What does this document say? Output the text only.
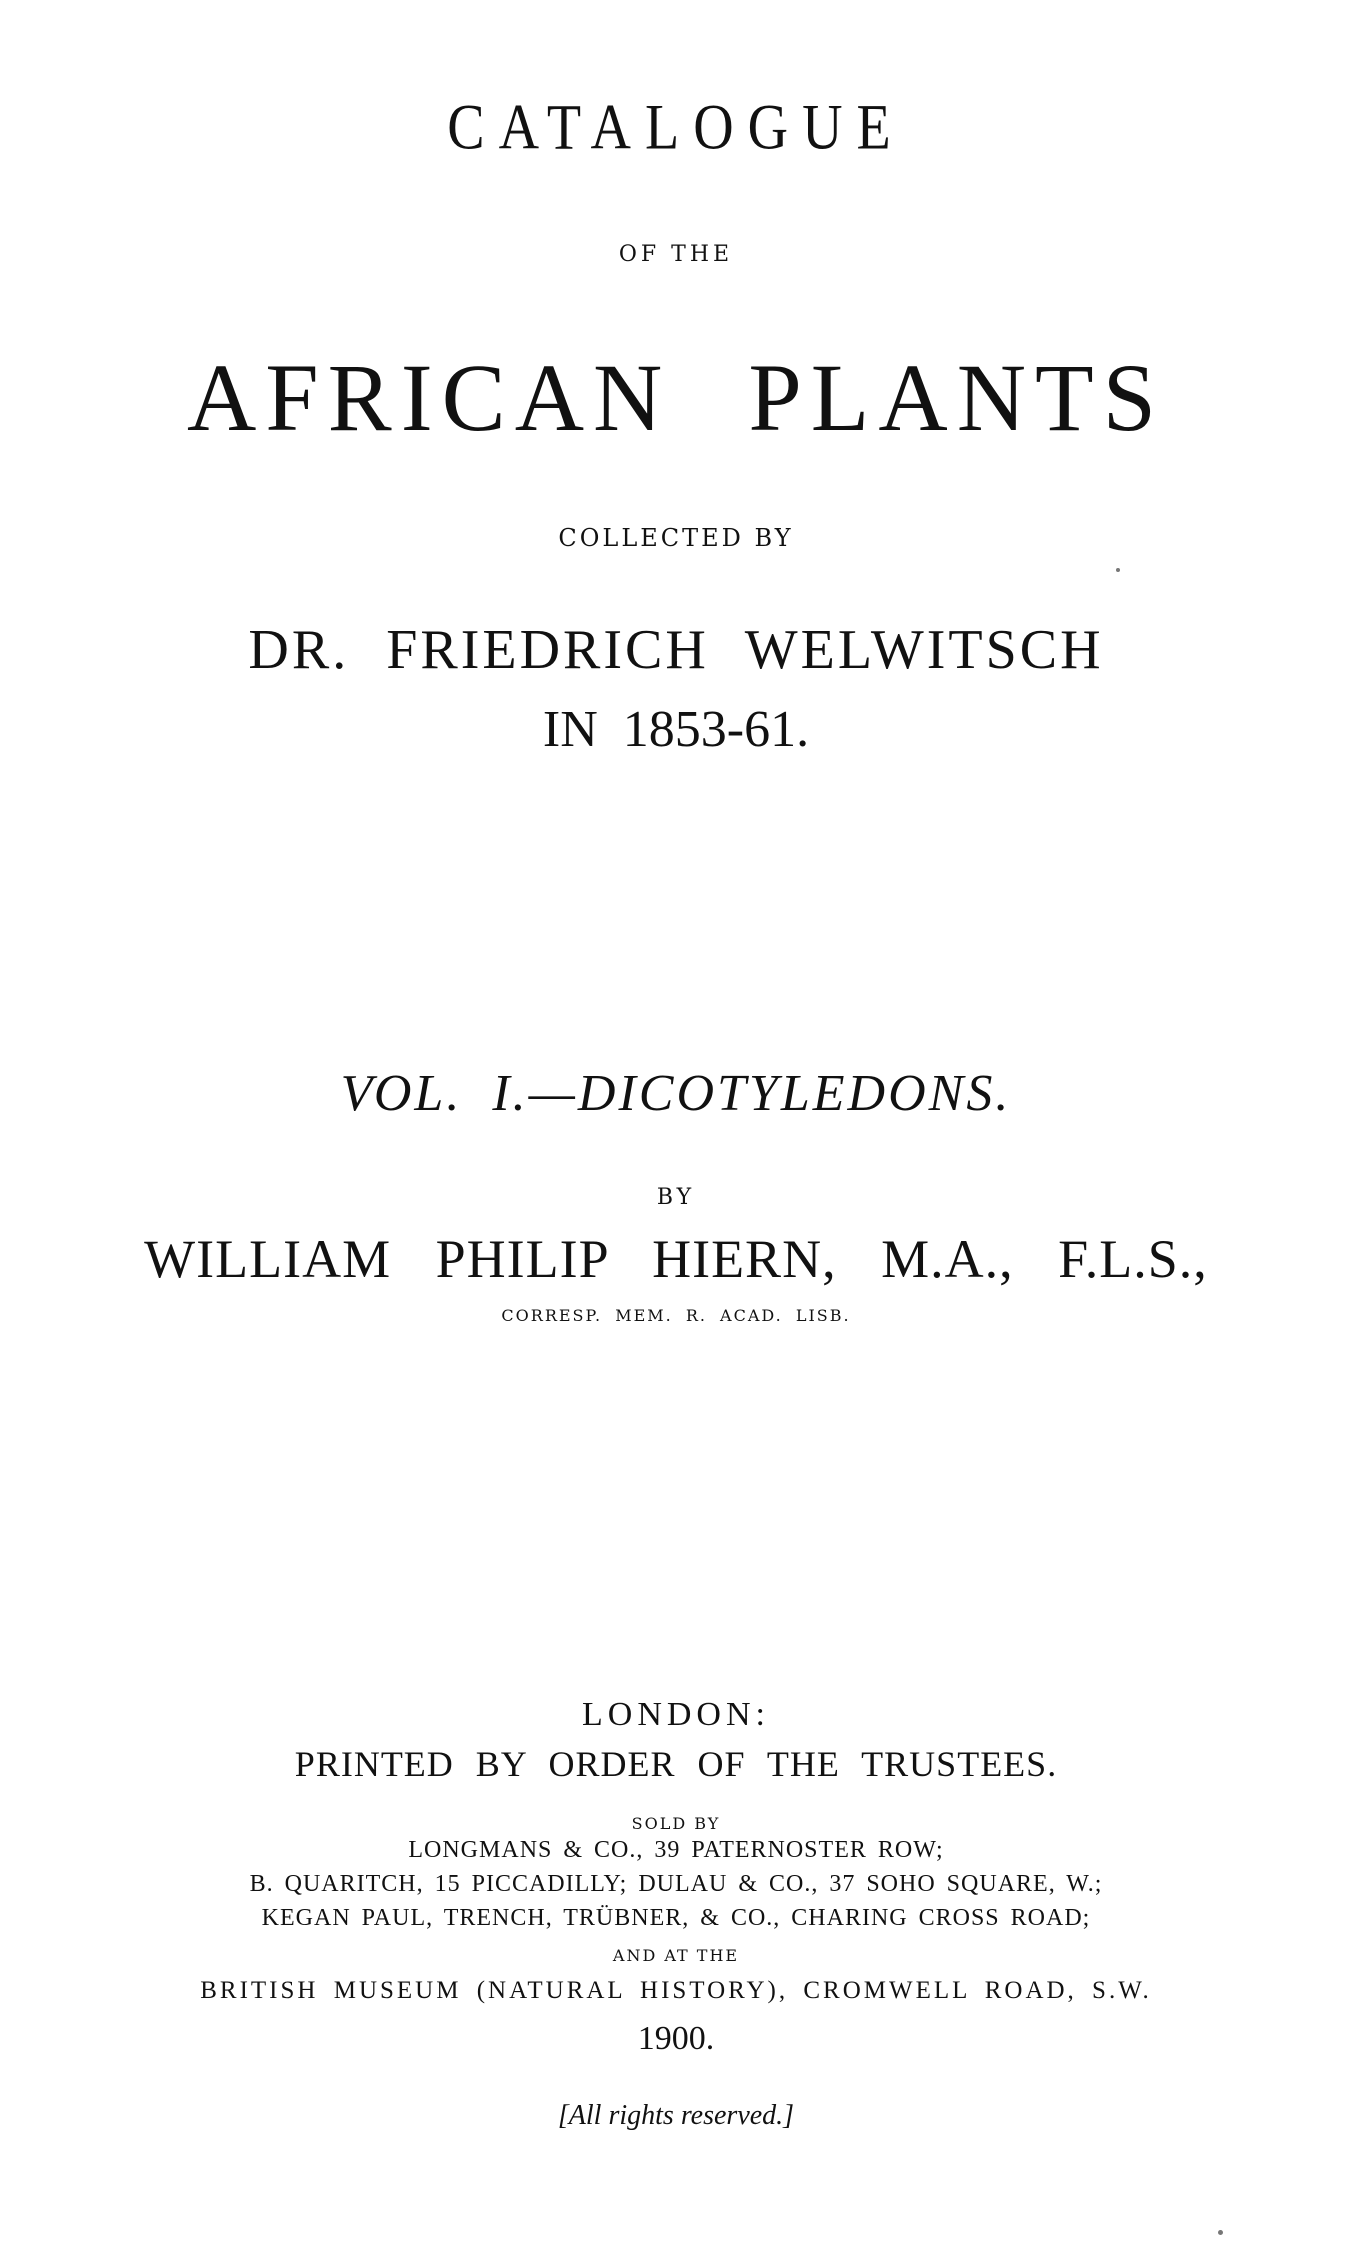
CATALOGUE
OF THE
AFRICAN PLANTS
COLLECTED BY
DR. FRIEDRICH WELWITSCH
IN 1853-61.
VOL. I.—DICOTYLEDONS.
BY
WILLIAM PHILIP HIERN, M.A., F.L.S.,
CORRESP. MEM. R. ACAD. LISB.
LONDON:
PRINTED BY ORDER OF THE TRUSTEES.
SOLD BY
LONGMANS & CO., 39 PATERNOSTER ROW;
B. QUARITCH, 15 PICCADILLY; DULAU & CO., 37 SOHO SQUARE, W.;
KEGAN PAUL, TRENCH, TRÜBNER, & CO., CHARING CROSS ROAD;
AND AT THE
BRITISH MUSEUM (NATURAL HISTORY), CROMWELL ROAD, S.W.
1900.
[All rights reserved.]
